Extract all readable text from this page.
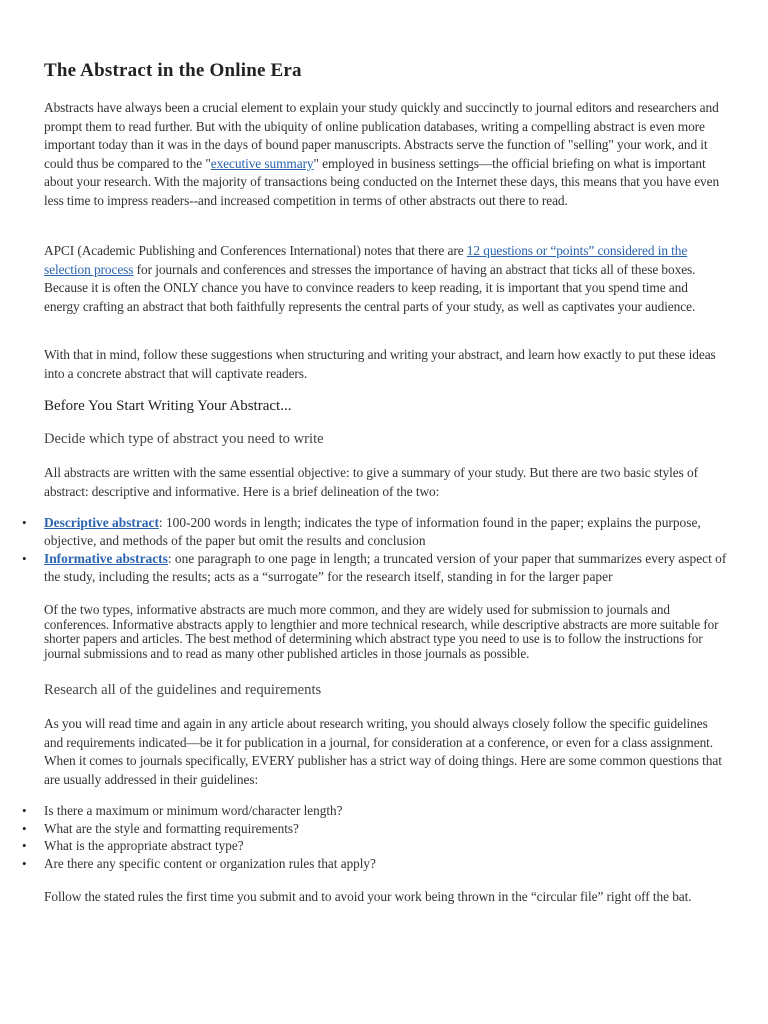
The Abstract in the Online Era

Abstracts have always been a crucial element to explain your study quickly and succinctly to journal editors and researchers and prompt them to read further. But with the ubiquity of online publication databases, writing a compelling abstract is even more important today than it was in the days of bound paper manuscripts. Abstracts serve the function of "selling" your work, and it could thus be compared to the "executive summary" employed in business settings—the official briefing on what is important about your research. With the majority of transactions being conducted on the Internet these days, this means that you have even less time to impress readers--and increased competition in terms of other abstracts out there to read.

APCI (Academic Publishing and Conferences International) notes that there are 12 questions or “points” considered in the selection process for journals and conferences and stresses the importance of having an abstract that ticks all of these boxes. Because it is often the ONLY chance you have to convince readers to keep reading, it is important that you spend time and energy crafting an abstract that both faithfully represents the central parts of your study, as well as captivates your audience.

With that in mind, follow these suggestions when structuring and writing your abstract, and learn how exactly to put these ideas into a concrete abstract that will captivate readers.

Before You Start Writing Your Abstract...
Decide which type of abstract you need to write

All abstracts are written with the same essential objective: to give a summary of your study. But there are two basic styles of abstract: descriptive and informative. Here is a brief delineation of the two:

• Descriptive abstract: 100-200 words in length; indicates the type of information found in the paper; explains the purpose, objective, and methods of the paper but omit the results and conclusion
• Informative abstracts: one paragraph to one page in length; a truncated version of your paper that summarizes every aspect of the study, including the results; acts as a “surrogate” for the research itself, standing in for the larger paper

Of the two types, informative abstracts are much more common, and they are widely used for submission to journals and conferences. Informative abstracts apply to lengthier and more technical research, while descriptive abstracts are more suitable for shorter papers and articles. The best method of determining which abstract type you need to use is to follow the instructions for journal submissions and to read as many other published articles in those journals as possible.

Research all of the guidelines and requirements

As you will read time and again in any article about research writing, you should always closely follow the specific guidelines and requirements indicated—be it for publication in a journal, for consideration at a conference, or even for a class assignment. When it comes to journals specifically, EVERY publisher has a strict way of doing things. Here are some common questions that are usually addressed in their guidelines:

• Is there a maximum or minimum word/character length?
• What are the style and formatting requirements?
• What is the appropriate abstract type?
• Are there any specific content or organization rules that apply?

Follow the stated rules the first time you submit and to avoid your work being thrown in the “circular file” right off the bat.
